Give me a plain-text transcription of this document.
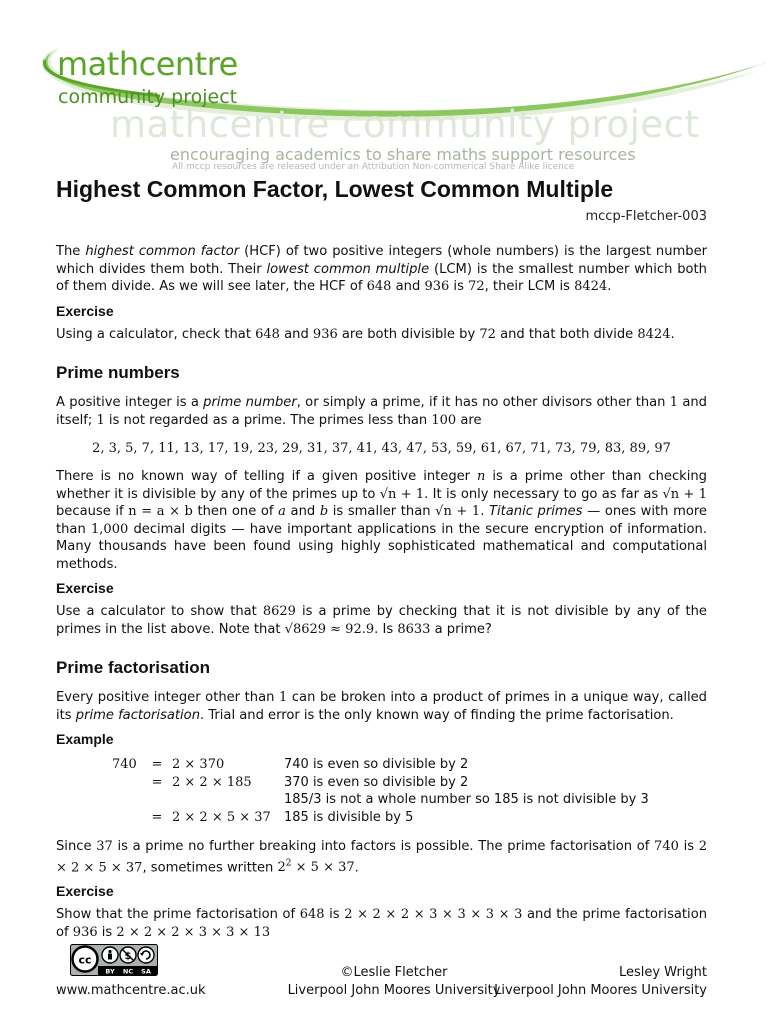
mathcentre
community project
mathcentre community project
encouraging academics to share maths support resources
All mccp resources are released under an Attribution Non-commerical Share Alike licence
Highest Common Factor, Lowest Common Multiple
mccp-Fletcher-003

The highest common factor (HCF) of two positive integers (whole numbers) is the largest number which divides them both. Their lowest common multiple (LCM) is the smallest number which both of them divide. As we will see later, the HCF of 648 and 936 is 72, their LCM is 8424.

Exercise

Using a calculator, check that 648 and 936 are both divisible by 72 and that both divide 8424.

Prime numbers

A positive integer is a prime number, or simply a prime, if it has no other divisors other than 1 and itself; 1 is not regarded as a prime. The primes less than 100 are

2, 3, 5, 7, 11, 13, 17, 19, 23, 29, 31, 37, 41, 43, 47, 53, 59, 61, 67, 71, 73, 79, 83, 89, 97

There is no known way of telling if a given positive integer n is a prime other than checking whether it is divisible by any of the primes up to √n + 1. It is only necessary to go as far as √n + 1 because if n = a × b then one of a and b is smaller than √n + 1. Titanic primes — ones with more than 1,000 decimal digits — have important applications in the secure encryption of information. Many thousands have been found using highly sophisticated mathematical and computational methods.

Exercise

Use a calculator to show that 8629 is a prime by checking that it is not divisible by any of the primes in the list above. Note that √8629 ≈ 92.9. Is 8633 a prime?

Prime factorisation

Every positive integer other than 1 can be broken into a product of primes in a unique way, called its prime factorisation. Trial and error is the only known way of finding the prime factorisation.

Example
740	=	2 × 370	740 is even so divisible by 2
	=	2 × 2 × 185	370 is even so divisible by 2
			185/3 is not a whole number so 185 is not divisible by 3
	=	2 × 2 × 5 × 37	185 is divisible by 5

Since 37 is a prime no further breaking into factors is possible. The prime factorisation of 740 is 2 × 2 × 5 × 37, sometimes written $2^2 \times 5 \times 37$.

Exercise

Show that the prime factorisation of 648 is 2 × 2 × 2 × 3 × 3 × 3 × 3 and the prime factorisation of 936 is 2 × 2 × 2 × 3 × 3 × 13

cc	$
BY NC SA
www.mathcentre.ac.uk
©Leslie Fletcher
Liverpool John Moores University
Lesley Wright
Liverpool John Moores University
